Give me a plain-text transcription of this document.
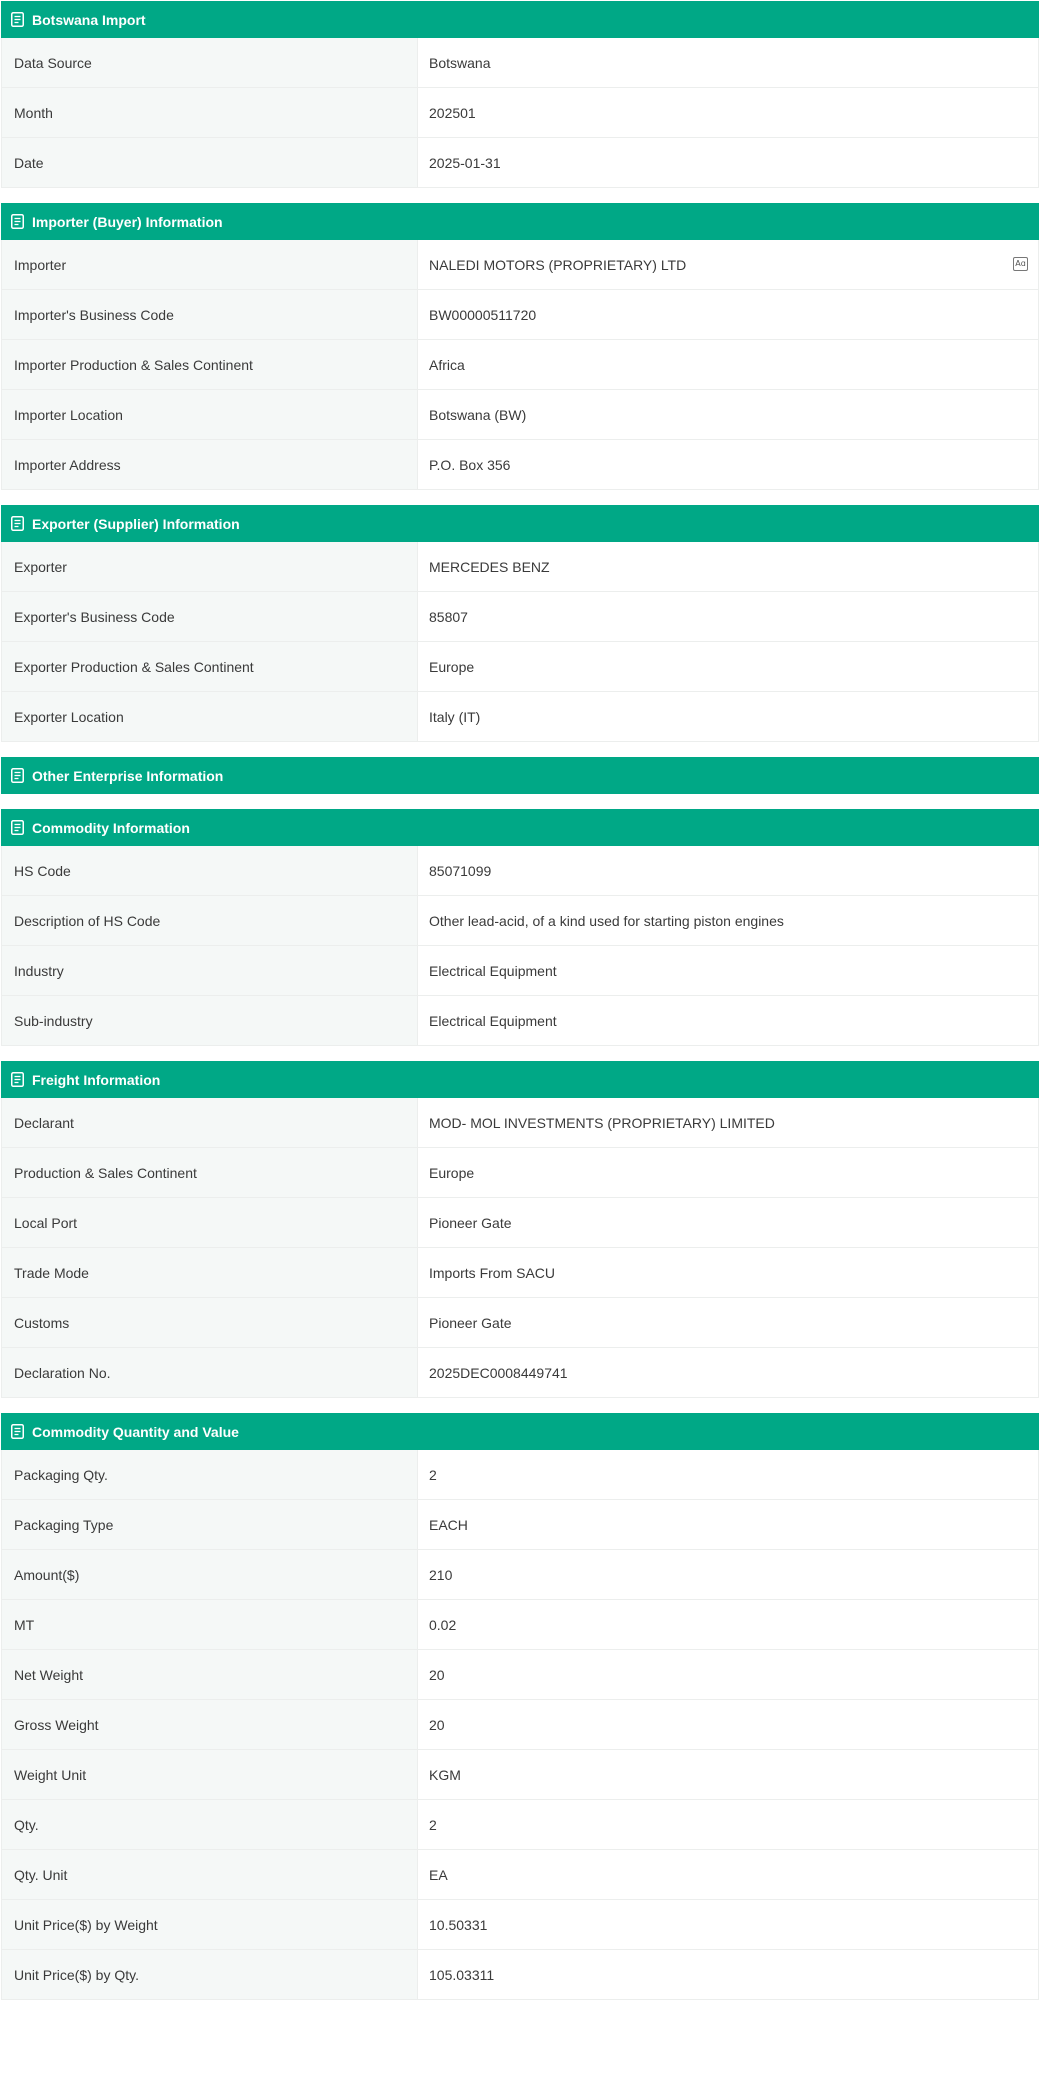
Botswana Import
Data Source	Botswana
Month	202501
Date	2025-01-31
Importer (Buyer) Information
Importer	NALEDI MOTORS (PROPRIETARY) LTD	Aɑ
Importer's Business Code	BW00000511720
Importer Production & Sales Continent	Africa
Importer Location	Botswana (BW)
Importer Address	P.O. Box 356
Exporter (Supplier) Information
Exporter	MERCEDES BENZ
Exporter's Business Code	85807
Exporter Production & Sales Continent	Europe
Exporter Location	Italy (IT)
Other Enterprise Information
Commodity Information
HS Code	85071099
Description of HS Code	Other lead-acid, of a kind used for starting piston engines
Industry	Electrical Equipment
Sub-industry	Electrical Equipment
Freight Information
Declarant	MOD- MOL INVESTMENTS (PROPRIETARY) LIMITED
Production & Sales Continent	Europe
Local Port	Pioneer Gate
Trade Mode	Imports From SACU
Customs	Pioneer Gate
Declaration No.	2025DEC0008449741
Commodity Quantity and Value
Packaging Qty.	2
Packaging Type	EACH
Amount($)	210
MT	0.02
Net Weight	20
Gross Weight	20
Weight Unit	KGM
Qty.	2
Qty. Unit	EA
Unit Price($) by Weight	10.50331
Unit Price($) by Qty.	105.03311
